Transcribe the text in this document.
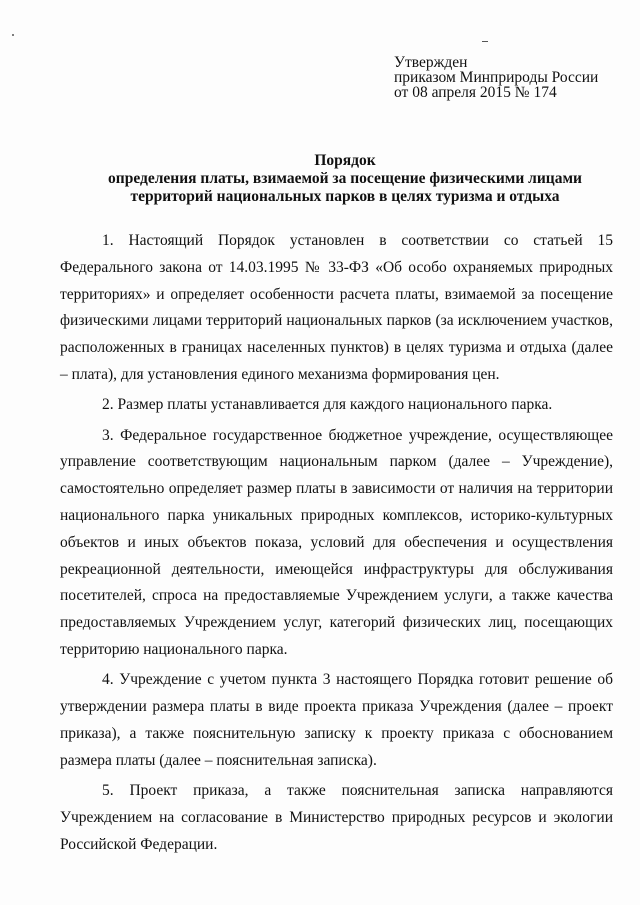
Утвержден
приказом Минприроды России
от 08 апреля 2015 № 174
Порядок
определения платы, взимаемой за посещение физическими лицами
территорий национальных парков в целях туризма и отдыха

1. Настоящий Порядок установлен в соответствии со статьей 15 Федерального закона от 14.03.1995 № 33-ФЗ «Об особо охраняемых природных территориях» и определяет особенности расчета платы, взимаемой за посещение физическими лицами территорий национальных парков (за исключением участков, расположенных в границах населенных пунктов) в целях туризма и отдыха (далее – плата), для установления единого механизма формирования цен.

2. Размер платы устанавливается для каждого национального парка.

3. Федеральное государственное бюджетное учреждение, осуществляющее управление соответствующим национальным парком (далее – Учреждение), самостоятельно определяет размер платы в зависимости от наличия на территории национального парка уникальных природных комплексов, историко-культурных объектов и иных объектов показа, условий для обеспечения и осуществления рекреационной деятельности, имеющейся инфраструктуры для обслуживания посетителей, спроса на предоставляемые Учреждением услуги, а также качества предоставляемых Учреждением услуг, категорий физических лиц, посещающих территорию национального парка.

4. Учреждение с учетом пункта 3 настоящего Порядка готовит решение об утверждении размера платы в виде проекта приказа Учреждения (далее – проект приказа), а также пояснительную записку к проекту приказа с обоснованием размера платы (далее – пояснительная записка).

5. Проект приказа, а также пояснительная записка направляются Учреждением на согласование в Министерство природных ресурсов и экологии Российской Федерации.
